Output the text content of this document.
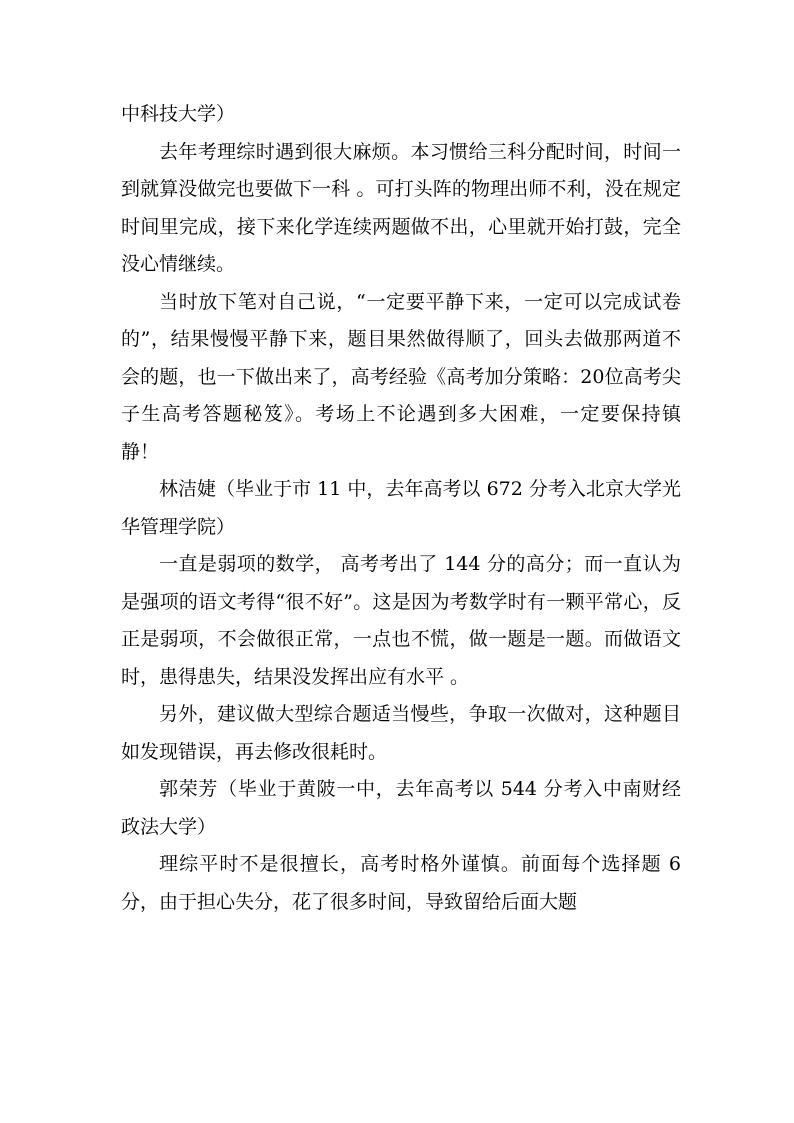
中科技大学）

去年考理综时遇到很大麻烦。本习惯给三科分配时间，时间一到就算没做完也要做下一科 。可打头阵的物理出师不利，没在规定时间里完成，接下来化学连续两题做不出，心里就开始打鼓，完全没心情继续。

当时放下笔对自己说，“一定要平静下来，一定可以完成试卷的”，结果慢慢平静下来，题目果然做得顺了，回头去做那两道不会的题，也一下做出来了，高考经验《高考加分策略：20位高考尖子生高考答题秘笈》。考场上不论遇到多大困难，一定要保持镇静！

林洁婕（毕业于市 11 中，去年高考以 672 分考入北京大学光华管理学院）

一直是弱项的数学， 高考考出了 144 分的高分；而一直认为是强项的语文考得“很不好”。这是因为考数学时有一颗平常心，反正是弱项，不会做很正常，一点也不慌，做一题是一题。而做语文时，患得患失，结果没发挥出应有水平 。

另外，建议做大型综合题适当慢些，争取一次做对，这种题目如发现错误，再去修改很耗时。

郭荣芳（毕业于黄陂一中，去年高考以 544 分考入中南财经政法大学）

理综平时不是很擅长，高考时格外谨慎。前面每个选择题 6 分，由于担心失分，花了很多时间，导致留给后面大题
